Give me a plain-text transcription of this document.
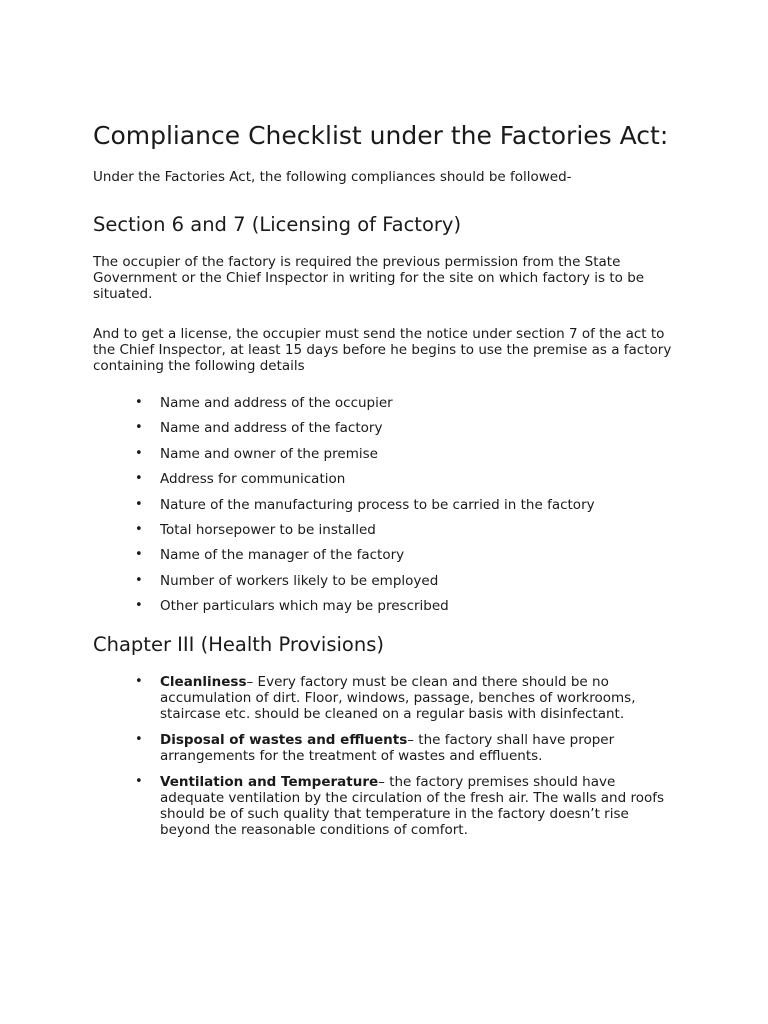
Compliance Checklist under the Factories Act:

Under the Factories Act, the following compliances should be followed-

Section 6 and 7 (Licensing of Factory)

The occupier of the factory is required the previous permission from the State Government or the Chief Inspector in writing for the site on which factory is to be situated.

And to get a license, the occupier must send the notice under section 7 of the act to the Chief Inspector, at least 15 days before he begins to use the premise as a factory containing the following details

• Name and address of the occupier
• Name and address of the factory
• Name and owner of the premise
• Address for communication
• Nature of the manufacturing process to be carried in the factory
• Total horsepower to be installed
• Name of the manager of the factory
• Number of workers likely to be employed
• Other particulars which may be prescribed
Chapter III (Health Provisions)
• Cleanliness– Every factory must be clean and there should be no accumulation of dirt. Floor, windows, passage, benches of workrooms, staircase etc. should be cleaned on a regular basis with disinfectant.
• Disposal of wastes and effluents– the factory shall have proper arrangements for the treatment of wastes and effluents.
• Ventilation and Temperature– the factory premises should have adequate ventilation by the circulation of the fresh air. The walls and roofs should be of such quality that temperature in the factory doesn’t rise beyond the reasonable conditions of comfort.
